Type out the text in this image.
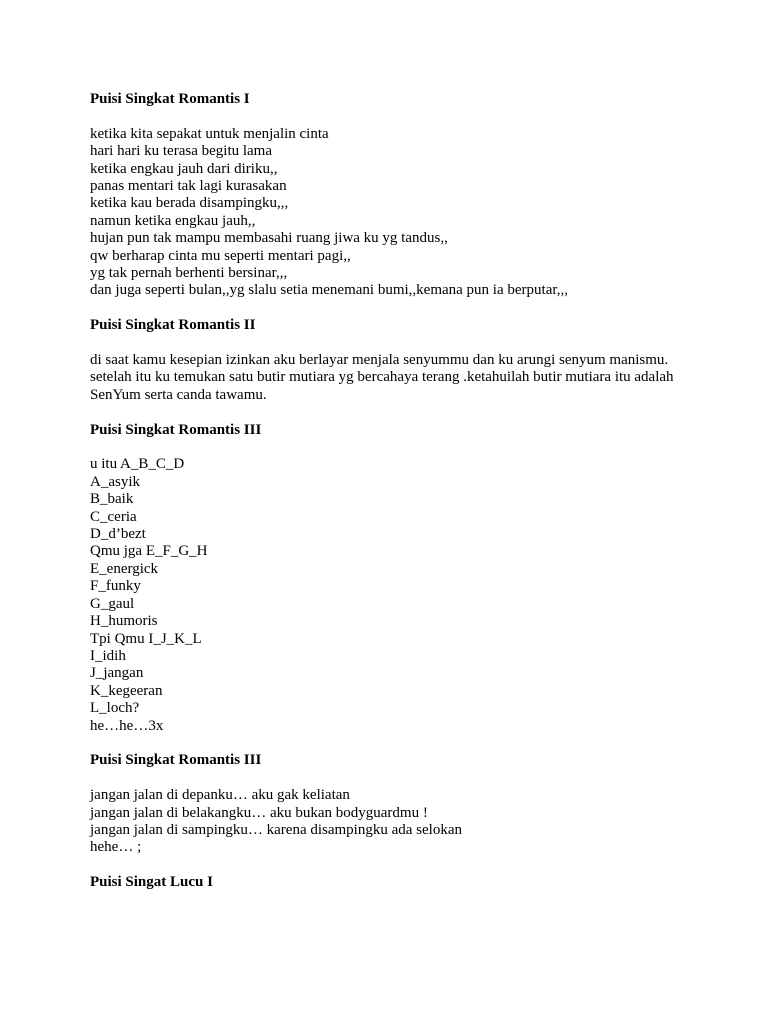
Puisi Singkat Romantis I
ketika kita sepakat untuk menjalin cinta
hari hari ku terasa begitu lama
ketika engkau jauh dari diriku,,
panas mentari tak lagi kurasakan
ketika kau berada disampingku,,,
namun ketika engkau jauh,,
hujan pun tak mampu membasahi ruang jiwa ku yg tandus,,
qw berharap cinta mu seperti mentari pagi,,
yg tak pernah berhenti bersinar,,,
dan juga seperti bulan,,yg slalu setia menemani bumi,,kemana pun ia berputar,,,
Puisi Singkat Romantis II
di saat kamu kesepian izinkan aku berlayar menjala senyummu dan ku arungi senyum manismu.
setelah itu ku temukan satu butir mutiara yg bercahaya terang .ketahuilah butir mutiara itu adalah
SenYum serta canda tawamu.
Puisi Singkat Romantis III
u itu A_B_C_D
A_asyik
B_baik
C_ceria
D_d’bezt
Qmu jga E_F_G_H
E_energick
F_funky
G_gaul
H_humoris
Tpi Qmu I_J_K_L
I_idih
J_jangan
K_kegeeran
L_loch?
he…he…3x
Puisi Singkat Romantis III
jangan jalan di depanku… aku gak keliatan
jangan jalan di belakangku… aku bukan bodyguardmu !
jangan jalan di sampingku… karena disampingku ada selokan
hehe… ;
Puisi Singat Lucu I
